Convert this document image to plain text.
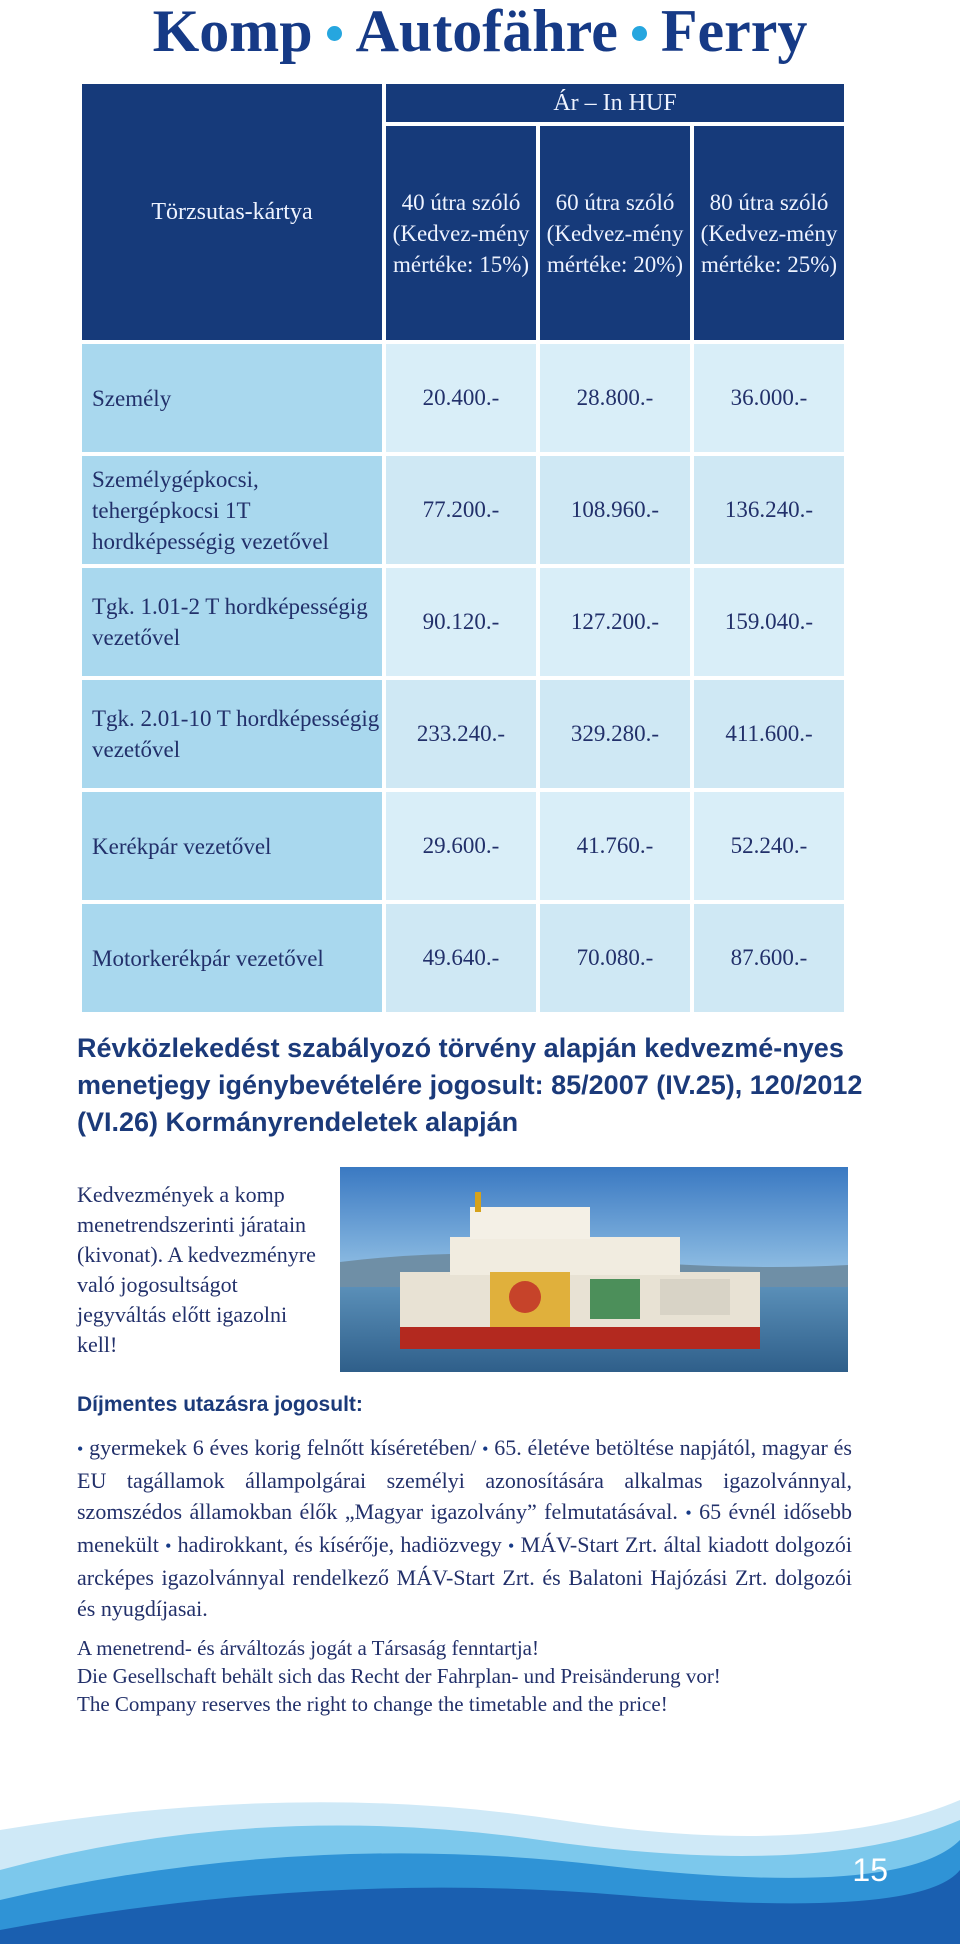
Komp Autofähre Ferry
Törzsutas-kártya	Ár – In HUF		
	40 útra szóló (Kedvez-mény mértéke: 15%)	60 útra szóló (Kedvez-mény mértéke: 20%)	80 útra szóló (Kedvez-mény mértéke: 25%)
Személy	20.400.-	28.800.-	36.000.-
Személygépkocsi, tehergépkocsi 1T hordképességig vezetővel	77.200.-	108.960.-	136.240.-
Tgk. 1.01-2 T hordképességig vezetővel	90.120.-	127.200.-	159.040.-
Tgk. 2.01-10 T hordképességig vezetővel	233.240.-	329.280.-	411.600.-
Kerékpár vezetővel	29.600.-	41.760.-	52.240.-
Motorkerékpár vezetővel	49.640.-	70.080.-	87.600.-
Révközlekedést szabályozó törvény alapján kedvezmé-nyes menetjegy igénybevételére jogosult: 85/2007 (IV.25), 120/2012 (VI.26) Kormányrendeletek alapján
Kedvezmények a komp menetrendszerinti járatain (kivonat). A kedvezményre való jogosultságot jegyváltás előtt igazolni kell!
Díjmentes utazásra jogosult:
• gyermekek 6 éves korig felnőtt kíséretében/ • 65. életéve betöltése napjától, magyar és EU tagállamok állampolgárai személyi azonosítására alkalmas igazolvánnyal, szomszédos államokban élők „Magyar igazolvány” felmutatásával. • 65 évnél idősebb menekült • hadirokkant, és kísérője, hadiözvegy • MÁV-Start Zrt. által kiadott dolgozói arcképes igazolvánnyal rendelkező MÁV-Start Zrt. és Balatoni Hajózási Zrt. dolgozói és nyugdíjasai.
A menetrend- és árváltozás jogát a Társaság fenntartja!
Die Gesellschaft behält sich das Recht der Fahrplan- und Preisänderung vor!
The Company reserves the right to change the timetable and the price!
15
